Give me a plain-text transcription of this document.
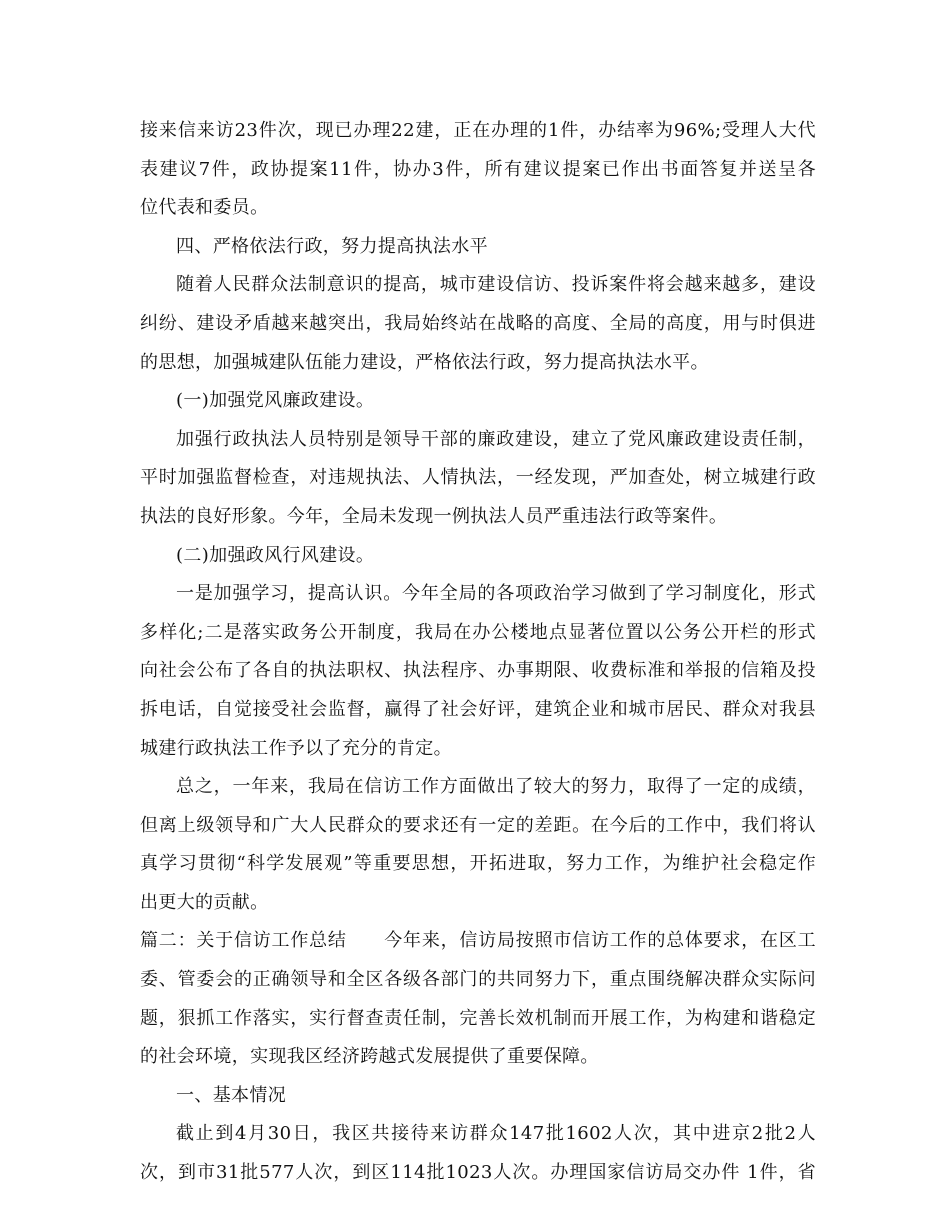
接来信来访23件次，现已办理22建，正在办理的1件，办结率为96%;受理人大代
表建议7件，政协提案11件，协办3件，所有建议提案已作出书面答复并送呈各
位代表和委员。
四、严格依法行政，努力提高执法水平
随着人民群众法制意识的提高，城市建设信访、投诉案件将会越来越多，建设
纠纷、建设矛盾越来越突出，我局始终站在战略的高度、全局的高度，用与时俱进
的思想，加强城建队伍能力建设，严格依法行政，努力提高执法水平。
(一)加强党风廉政建设。
加强行政执法人员特别是领导干部的廉政建设，建立了党风廉政建设责任制，
平时加强监督检查，对违规执法、人情执法，一经发现，严加查处，树立城建行政
执法的良好形象。今年，全局未发现一例执法人员严重违法行政等案件。
(二)加强政风行风建设。
一是加强学习，提高认识。今年全局的各项政治学习做到了学习制度化，形式
多样化;二是落实政务公开制度，我局在办公楼地点显著位置以公务公开栏的形式
向社会公布了各自的执法职权、执法程序、办事期限、收费标准和举报的信箱及投
拆电话，自觉接受社会监督，赢得了社会好评，建筑企业和城市居民、群众对我县
城建行政执法工作予以了充分的肯定。
总之，一年来，我局在信访工作方面做出了较大的努力，取得了一定的成绩，
但离上级领导和广大人民群众的要求还有一定的差距。在今后的工作中，我们将认
真学习贯彻“科学发展观”等重要思想，开拓进取，努力工作，为维护社会稳定作
出更大的贡献。
篇二：关于信访工作总结　　今年来，信访局按照市信访工作的总体要求，在区工
委、管委会的正确领导和全区各级各部门的共同努力下，重点围绕解决群众实际问
题，狠抓工作落实，实行督查责任制，完善长效机制而开展工作，为构建和谐稳定
的社会环境，实现我区经济跨越式发展提供了重要保障。
一、基本情况
截止到4月30日，我区共接待来访群众147批1602人次，其中进京2批2人
次，到市31批577人次，到区114批1023人次。办理国家信访局交办件 1件，省
